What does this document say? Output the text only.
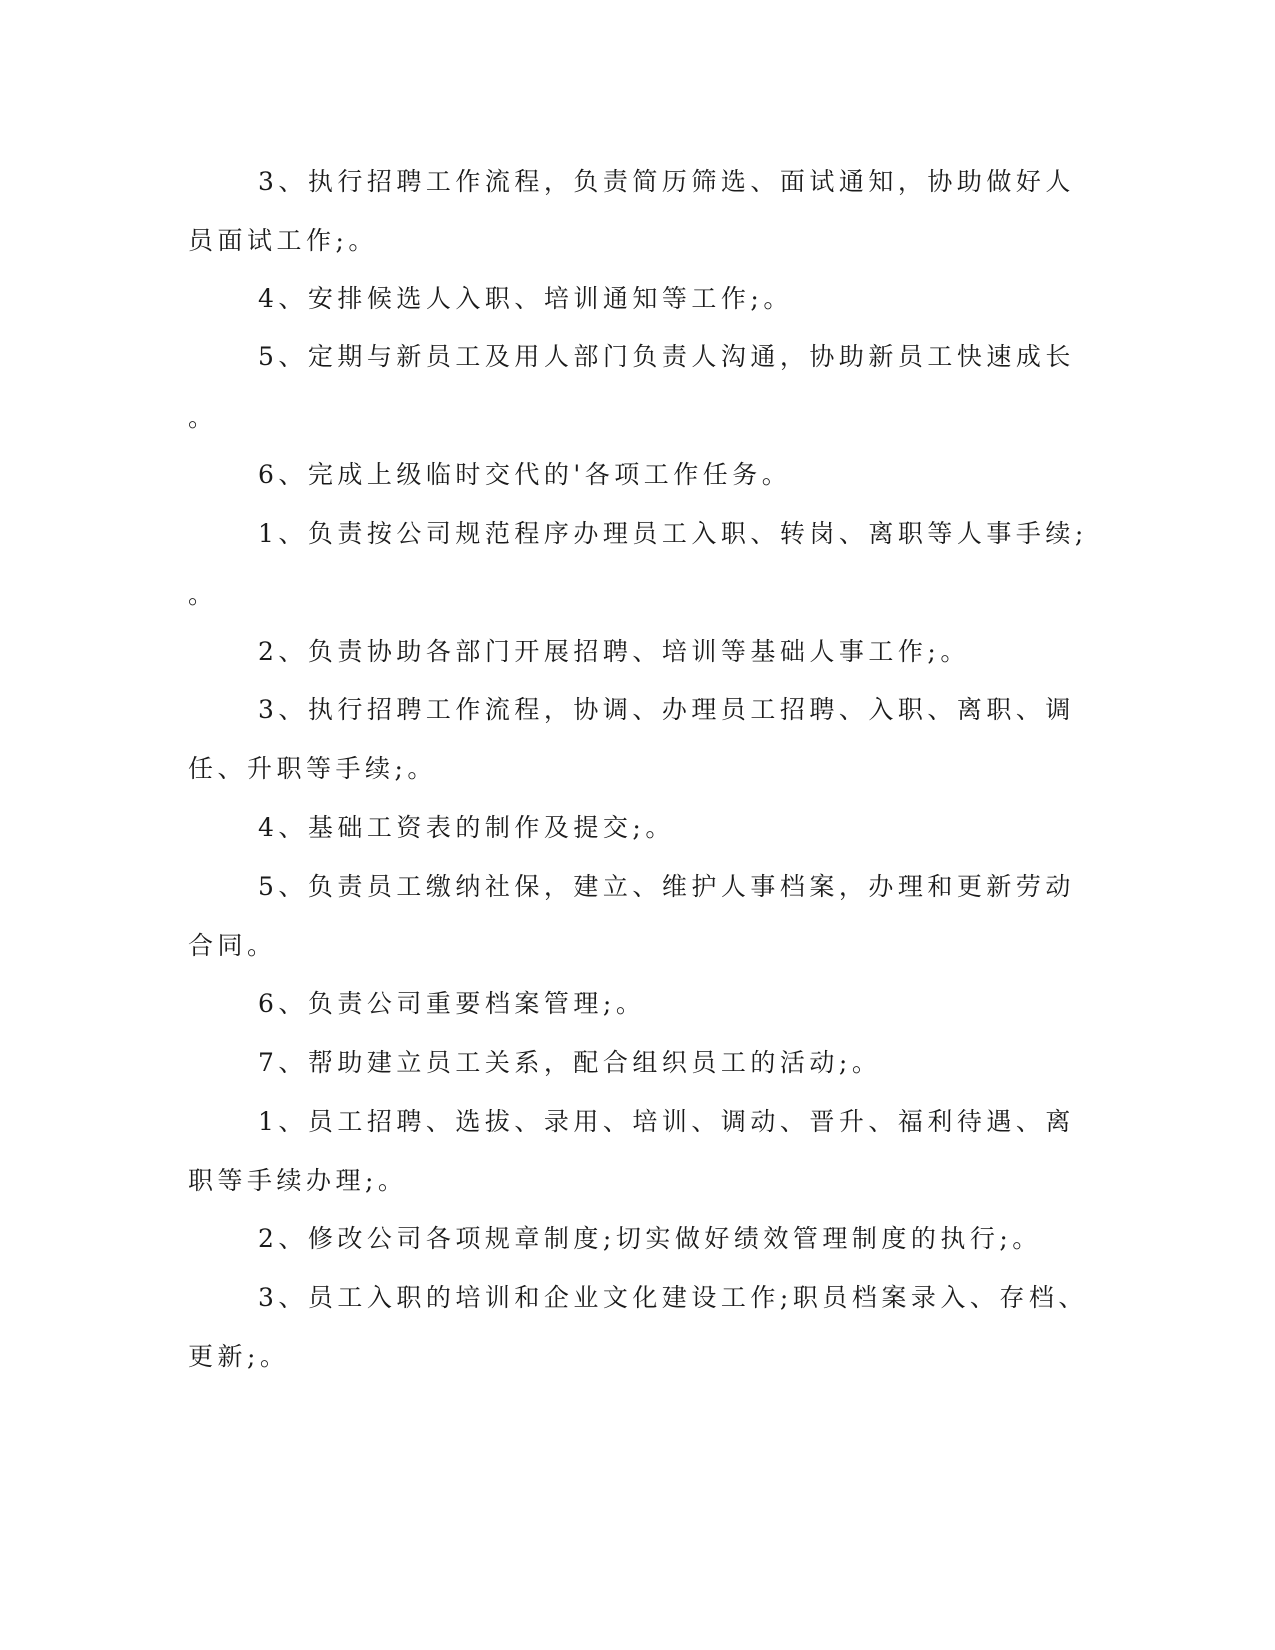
3、执行招聘工作流程，负责简历筛选、面试通知，协助做好人
员面试工作;。
4、安排候选人入职、培训通知等工作;。
5、定期与新员工及用人部门负责人沟通，协助新员工快速成长
。
6、完成上级临时交代的'各项工作任务。
1、负责按公司规范程序办理员工入职、转岗、离职等人事手续;
。
2、负责协助各部门开展招聘、培训等基础人事工作;。
3、执行招聘工作流程，协调、办理员工招聘、入职、离职、调
任、升职等手续;。
4、基础工资表的制作及提交;。
5、负责员工缴纳社保，建立、维护人事档案，办理和更新劳动
合同。
6、负责公司重要档案管理;。
7、帮助建立员工关系，配合组织员工的活动;。
1、员工招聘、选拔、录用、培训、调动、晋升、福利待遇、离
职等手续办理;。
2、修改公司各项规章制度;切实做好绩效管理制度的执行;。
3、员工入职的培训和企业文化建设工作;职员档案录入、存档、
更新;。
